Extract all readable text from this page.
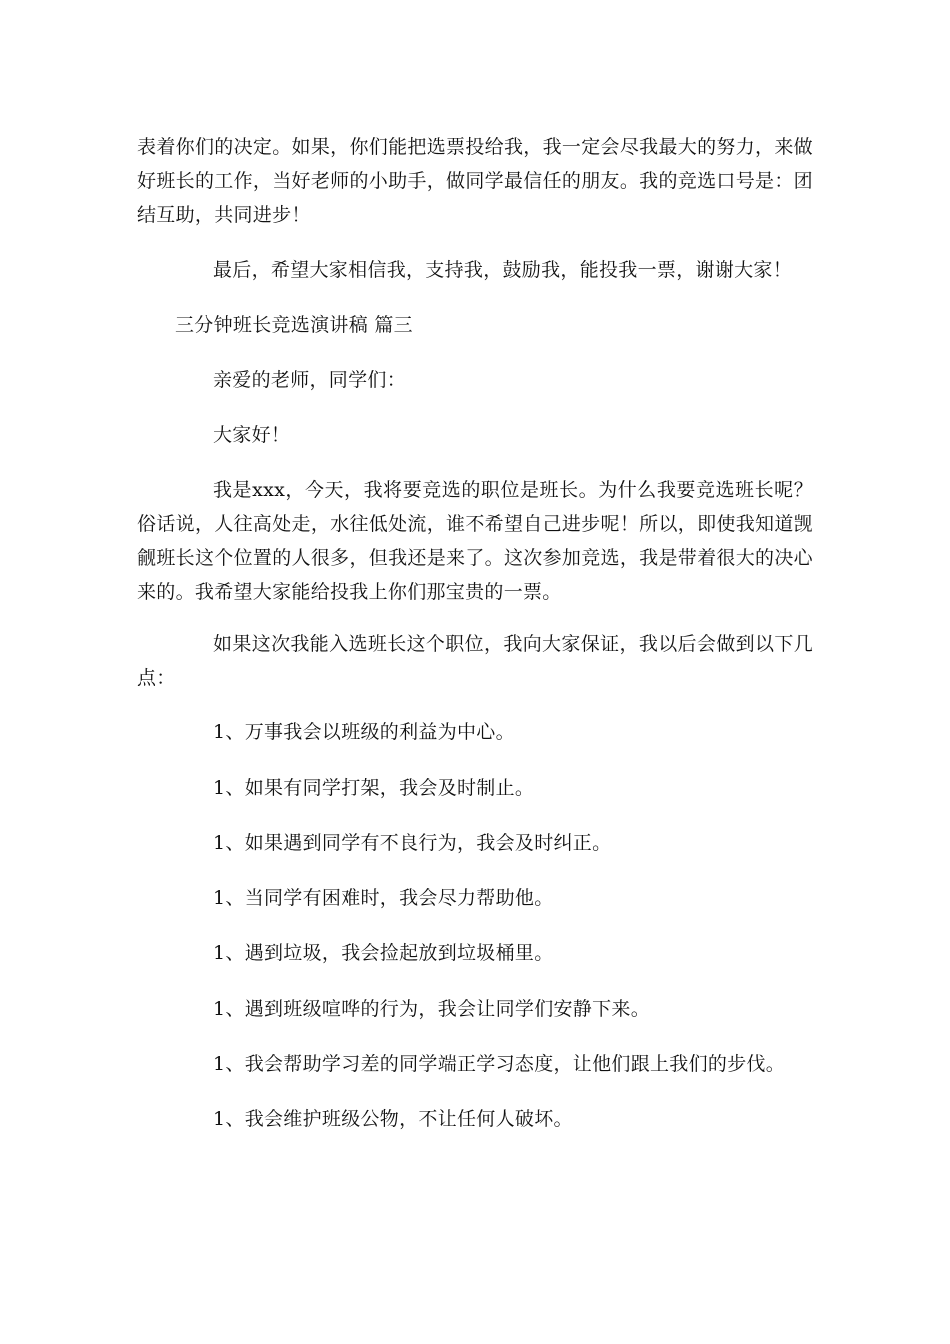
表着你们的决定。如果，你们能把选票投给我，我一定会尽我最大的努力，来做好班长的工作，当好老师的小助手，做同学最信任的朋友。我的竞选口号是：团结互助，共同进步！

最后，希望大家相信我，支持我，鼓励我，能投我一票，谢谢大家！

三分钟班长竞选演讲稿 篇三

亲爱的老师，同学们：

大家好！

我是xxx，今天，我将要竞选的职位是班长。为什么我要竞选班长呢？俗话说，人往高处走，水往低处流，谁不希望自己进步呢！所以，即使我知道觊觎班长这个位置的人很多，但我还是来了。这次参加竞选，我是带着很大的决心来的。我希望大家能给投我上你们那宝贵的一票。

如果这次我能入选班长这个职位，我向大家保证，我以后会做到以下几点：

1、万事我会以班级的利益为中心。

1、如果有同学打架，我会及时制止。

1、如果遇到同学有不良行为，我会及时纠正。

1、当同学有困难时，我会尽力帮助他。

1、遇到垃圾，我会捡起放到垃圾桶里。

1、遇到班级喧哗的行为，我会让同学们安静下来。

1、我会帮助学习差的同学端正学习态度，让他们跟上我们的步伐。

1、我会维护班级公物，不让任何人破坏。
